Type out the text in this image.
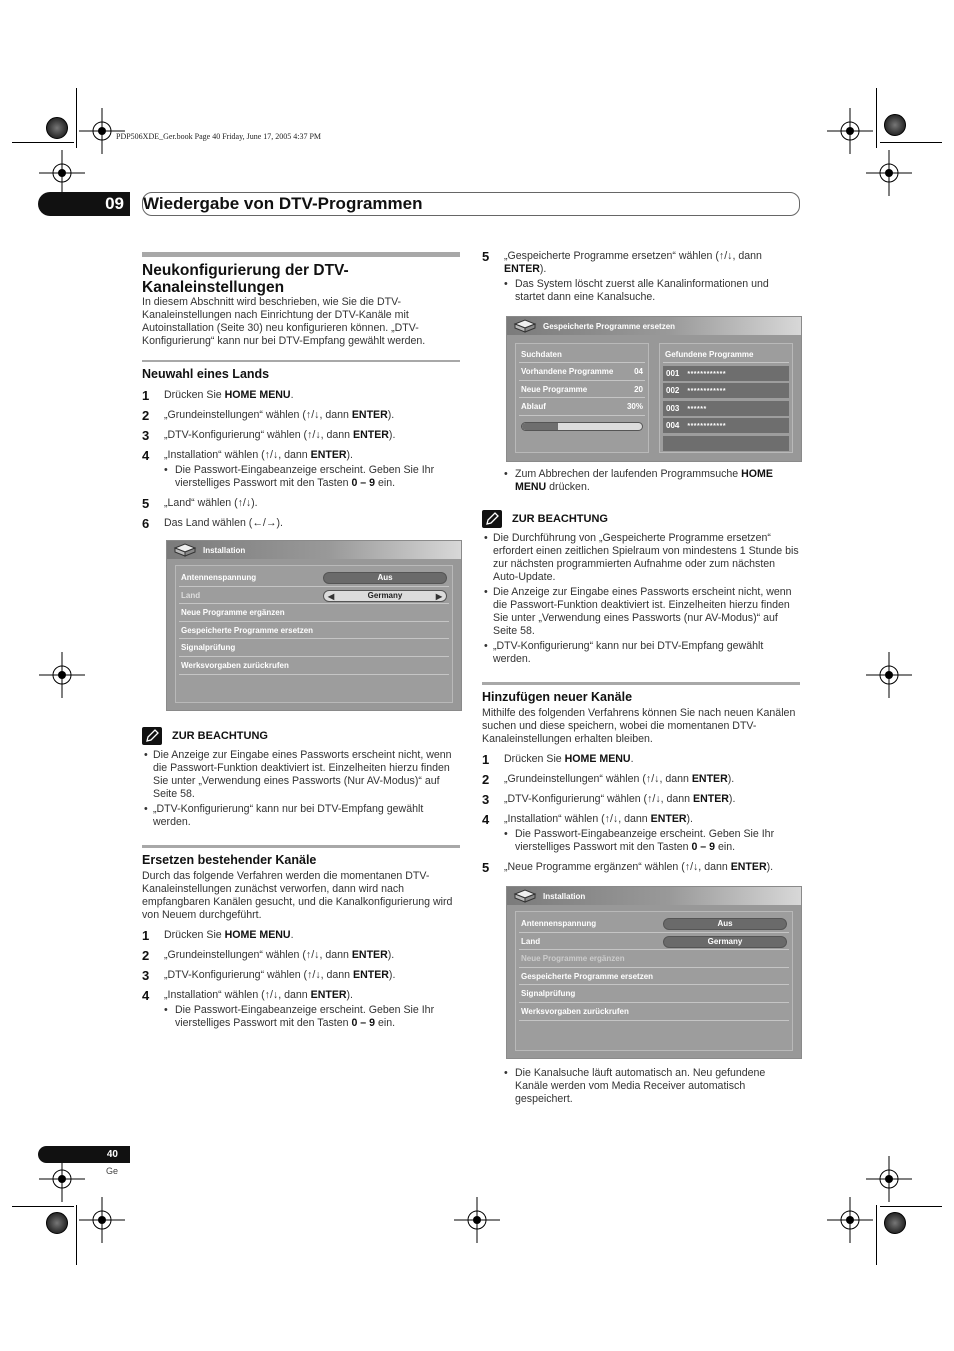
PDP506XDE_Ger.book Page 40 Friday, June 17, 2005 4:37 PM
09	Wiedergabe von DTV-Programmen
Neukonfigurierung der DTV-Kanaleinstellungen
In diesem Abschnitt wird beschrieben, wie Sie die DTV-Kanaleinstellungen nach Einrichtung der DTV-Kanäle mit Autoinstallation (Seite 30) neu konfigurieren können. „DTV-Konfigurierung“ kann nur bei DTV-Empfang gewählt werden.
Neuwahl eines Lands
1	Drücken Sie HOME MENU.
2	„Grundeinstellungen“ wählen (↑/↓, dann ENTER).
3	„DTV-Konfigurierung“ wählen (↑/↓, dann ENTER).
4	„Installation“ wählen (↑/↓, dann ENTER).
• Die Passwort-Eingabeanzeige erscheint. Geben Sie Ihr vierstelliges Passwort mit den Tasten 0 – 9 ein.
5	„Land“ wählen (↑/↓).
6	Das Land wählen (←/→).
Installation
Antennenspannung	Aus
Land	◀	Germany	▶
Neue Programme ergänzen
Gespeicherte Programme ersetzen
Signalprüfung
Werksvorgaben zurückrufen
ZUR BEACHTUNG
• Die Anzeige zur Eingabe eines Passworts erscheint nicht, wenn die Passwort-Funktion deaktiviert ist. Einzelheiten hierzu finden Sie unter „Verwendung eines Passworts (Nur AV-Modus)“ auf Seite 58.
• „DTV-Konfigurierung“ kann nur bei DTV-Empfang gewählt werden.
Ersetzen bestehender Kanäle
Durch das folgende Verfahren werden die momentanen DTV-Kanaleinstellungen zunächst verworfen, dann wird nach empfangbaren Kanälen gesucht, und die Kanalkonfigurierung wird von Neuem durchgeführt.
1	Drücken Sie HOME MENU.
2	„Grundeinstellungen“ wählen (↑/↓, dann ENTER).
3	„DTV-Konfigurierung“ wählen (↑/↓, dann ENTER).
4	„Installation“ wählen (↑/↓, dann ENTER).
• Die Passwort-Eingabeanzeige erscheint. Geben Sie Ihr vierstelliges Passwort mit den Tasten 0 – 9 ein.
5	„Gespeicherte Programme ersetzen“ wählen (↑/↓, dann ENTER).
• Das System löscht zuerst alle Kanalinformationen und startet dann eine Kanalsuche.
Gespeicherte Programme ersetzen
Suchdaten
Vorhandene Programme	04
Neue Programme	20
Ablauf	30%
Gefundene Programme
001 ************
002 ************
003 ******
004 ************
• Zum Abbrechen der laufenden Programmsuche HOME MENU drücken.
ZUR BEACHTUNG
• Die Durchführung von „Gespeicherte Programme ersetzen“ erfordert einen zeitlichen Spielraum von mindestens 1 Stunde bis zur nächsten programmierten Aufnahme oder zum nächsten Auto-Update.
• Die Anzeige zur Eingabe eines Passworts erscheint nicht, wenn die Passwort-Funktion deaktiviert ist. Einzelheiten hierzu finden Sie unter „Verwendung eines Passworts (nur AV-Modus)“ auf Seite 58.
• „DTV-Konfigurierung“ kann nur bei DTV-Empfang gewählt werden.
Hinzufügen neuer Kanäle
Mithilfe des folgenden Verfahrens können Sie nach neuen Kanälen suchen und diese speichern, wobei die momentanen DTV-Kanaleinstellungen erhalten bleiben.
1	Drücken Sie HOME MENU.
2	„Grundeinstellungen“ wählen (↑/↓, dann ENTER).
3	„DTV-Konfigurierung“ wählen (↑/↓, dann ENTER).
4	„Installation“ wählen (↑/↓, dann ENTER).
• Die Passwort-Eingabeanzeige erscheint. Geben Sie Ihr vierstelliges Passwort mit den Tasten 0 – 9 ein.
5	„Neue Programme ergänzen“ wählen (↑/↓, dann ENTER).
Installation
Antennenspannung	Aus
Land	Germany
Neue Programme ergänzen
Gespeicherte Programme ersetzen
Signalprüfung
Werksvorgaben zurückrufen
• Die Kanalsuche läuft automatisch an. Neu gefundene Kanäle werden vom Media Receiver automatisch gespeichert.
40
Ge
